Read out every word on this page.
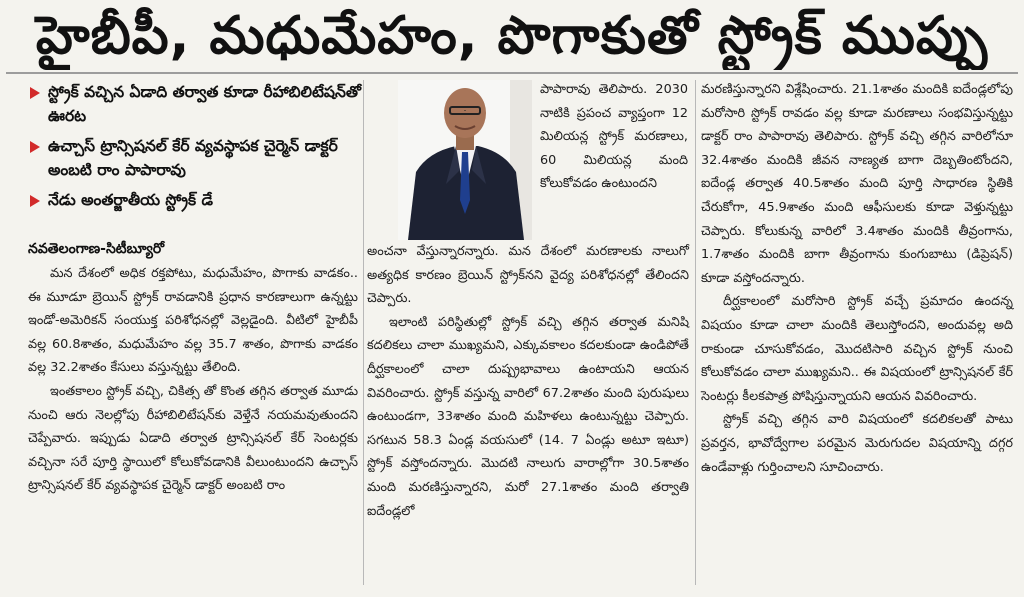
హైబీపీ, మధుమేహం, పొగాకుతో స్ట్రోక్ ముప్పు
స్ట్రోక్ వచ్చిన ఏడాది తర్వాత కూడా రీహాబిలిటేషన్‌తో ఊరట
ఉచ్చాస్ ట్రాన్సిషనల్ కేర్ వ్యవస్థాపక చైర్మెన్ డాక్టర్ అంబటి రాం పాపారావు
నేడు అంతర్జాతీయ స్ట్రోక్ డే
నవతెలంగాణ-సిటీబ్యూరో

మన దేశంలో అధిక రక్తపోటు, మధుమేహం, పొగాకు వాడకం.. ఈ మూడూ బ్రెయిన్ స్ట్రోక్ రావడానికి ప్రధాన కారణాలుగా ఉన్నట్టు ఇండో-అమెరికన్ సంయుక్త పరిశోధనల్లో వెల్లడైంది. వీటిలో హైబీపీ వల్ల 60.8శాతం, మధుమేహం వల్ల 35.7 శాతం, పొగాకు వాడకం వల్ల 32.2శాతం కేసులు వస్తున్నట్టు తేలింది.

ఇంతకాలం స్ట్రోక్ వచ్చి, చికిత్స తో కొంత తగ్గిన తర్వాత మూడు నుంచి ఆరు నెలల్లోపు రీహాబిలిటేషన్‌కు వెళ్తేనే నయమవుతుందని చెప్పేవారు. ఇప్పుడు ఏడాది తర్వాత ట్రాన్సిషనల్ కేర్ సెంటర్లకు వచ్చినా సరే పూర్తి స్థాయిలో కోలుకోవడానికి వీలుంటుందని ఉచ్చాస్ ట్రాన్సిషనల్ కేర్ వ్యవస్థాపక చైర్మెన్ డాక్టర్ అంబటి రాం

పాపారావు తెలిపారు. 2030 నాటికి ప్రపంచ వ్యాప్తంగా 12 మిలియన్ల స్ట్రోక్ మరణాలు, 60 మిలియన్ల మంది కోలుకోవడం ఉంటుందని

అంచనా వేస్తున్నారన్నారు. మన దేశంలో మరణాలకు నాలుగో అత్యధిక కారణం బ్రెయిన్ స్ట్రోక్‌నని వైద్య పరిశోధనల్లో తేలిందని చెప్పారు.

ఇలాంటి పరిస్థితుల్లో స్ట్రోక్ వచ్చి తగ్గిన తర్వాత మనిషి కదలికలు చాలా ముఖ్యమని, ఎక్కువకాలం కదలకుండా ఉండిపోతే దీర్ఘకాలంలో చాలా దుష్ప్రభావాలు ఉంటాయని ఆయన వివరించారు. స్ట్రోక్ వస్తున్న వారిలో 67.2శాతం మంది పురుషులు ఉంటుండగా, 33శాతం మంది మహిళలు ఉంటున్నట్టు చెప్పారు. సగటున 58.3 ఏండ్ల వయసులో (14. 7 ఏండ్లు అటూ ఇటూ) స్ట్రోక్ వస్తోందన్నారు. మొదటి నాలుగు వారాల్లోగా 30.5శాతం మంది మరణిస్తున్నారని, మరో 27.1శాతం మంది తర్వాతి ఐదేండ్లలో

మరణిస్తున్నారని విశ్లేషించారు. 21.1శాతం మందికి ఐదేండ్లలోపు మరోసారి స్ట్రోక్ రావడం వల్ల కూడా మరణాలు సంభవిస్తున్నట్టు డాక్టర్ రాం పాపారావు తెలిపారు. స్ట్రోక్ వచ్చి తగ్గిన వారిలోనూ 32.4శాతం మందికి జీవన నాణ్యత బాగా దెబ్బతింటోందని, ఐదేండ్ల తర్వాత 40.5శాతం మంది పూర్తి సాధారణ స్థితికి చేరుకోగా, 45.9శాతం మంది ఆఫీసులకు కూడా వెళ్తున్నట్టు చెప్పారు. కోలుకున్న వారిలో 3.4శాతం మందికి తీవ్రంగాను, 1.7శాతం మందికి బాగా తీవ్రంగాను కుంగుబాటు (డిప్రెషన్) కూడా వస్తోందన్నారు.

దీర్ఘకాలంలో మరోసారి స్ట్రోక్ వచ్చే ప్రమాదం ఉందన్న విషయం కూడా చాలా మందికి తెలుస్తోందని, అందువల్ల అది రాకుండా చూసుకోవడం, మొదటిసారి వచ్చిన స్ట్రోక్ నుంచి కోలుకోవడం చాలా ముఖ్యమని.. ఈ విషయంలో ట్రాన్సిషనల్ కేర్ సెంటర్లు కీలకపాత్ర పోషిస్తున్నాయని ఆయన వివరించారు.

స్ట్రోక్ వచ్చి తగ్గిన వారి విషయంలో కదలికలతో పాటు ప్రవర్తన, భావోద్వేగాల పరమైన మెరుగుదల విషయాన్ని దగ్గర ఉండేవాళ్లు గుర్తించాలని సూచించారు.
